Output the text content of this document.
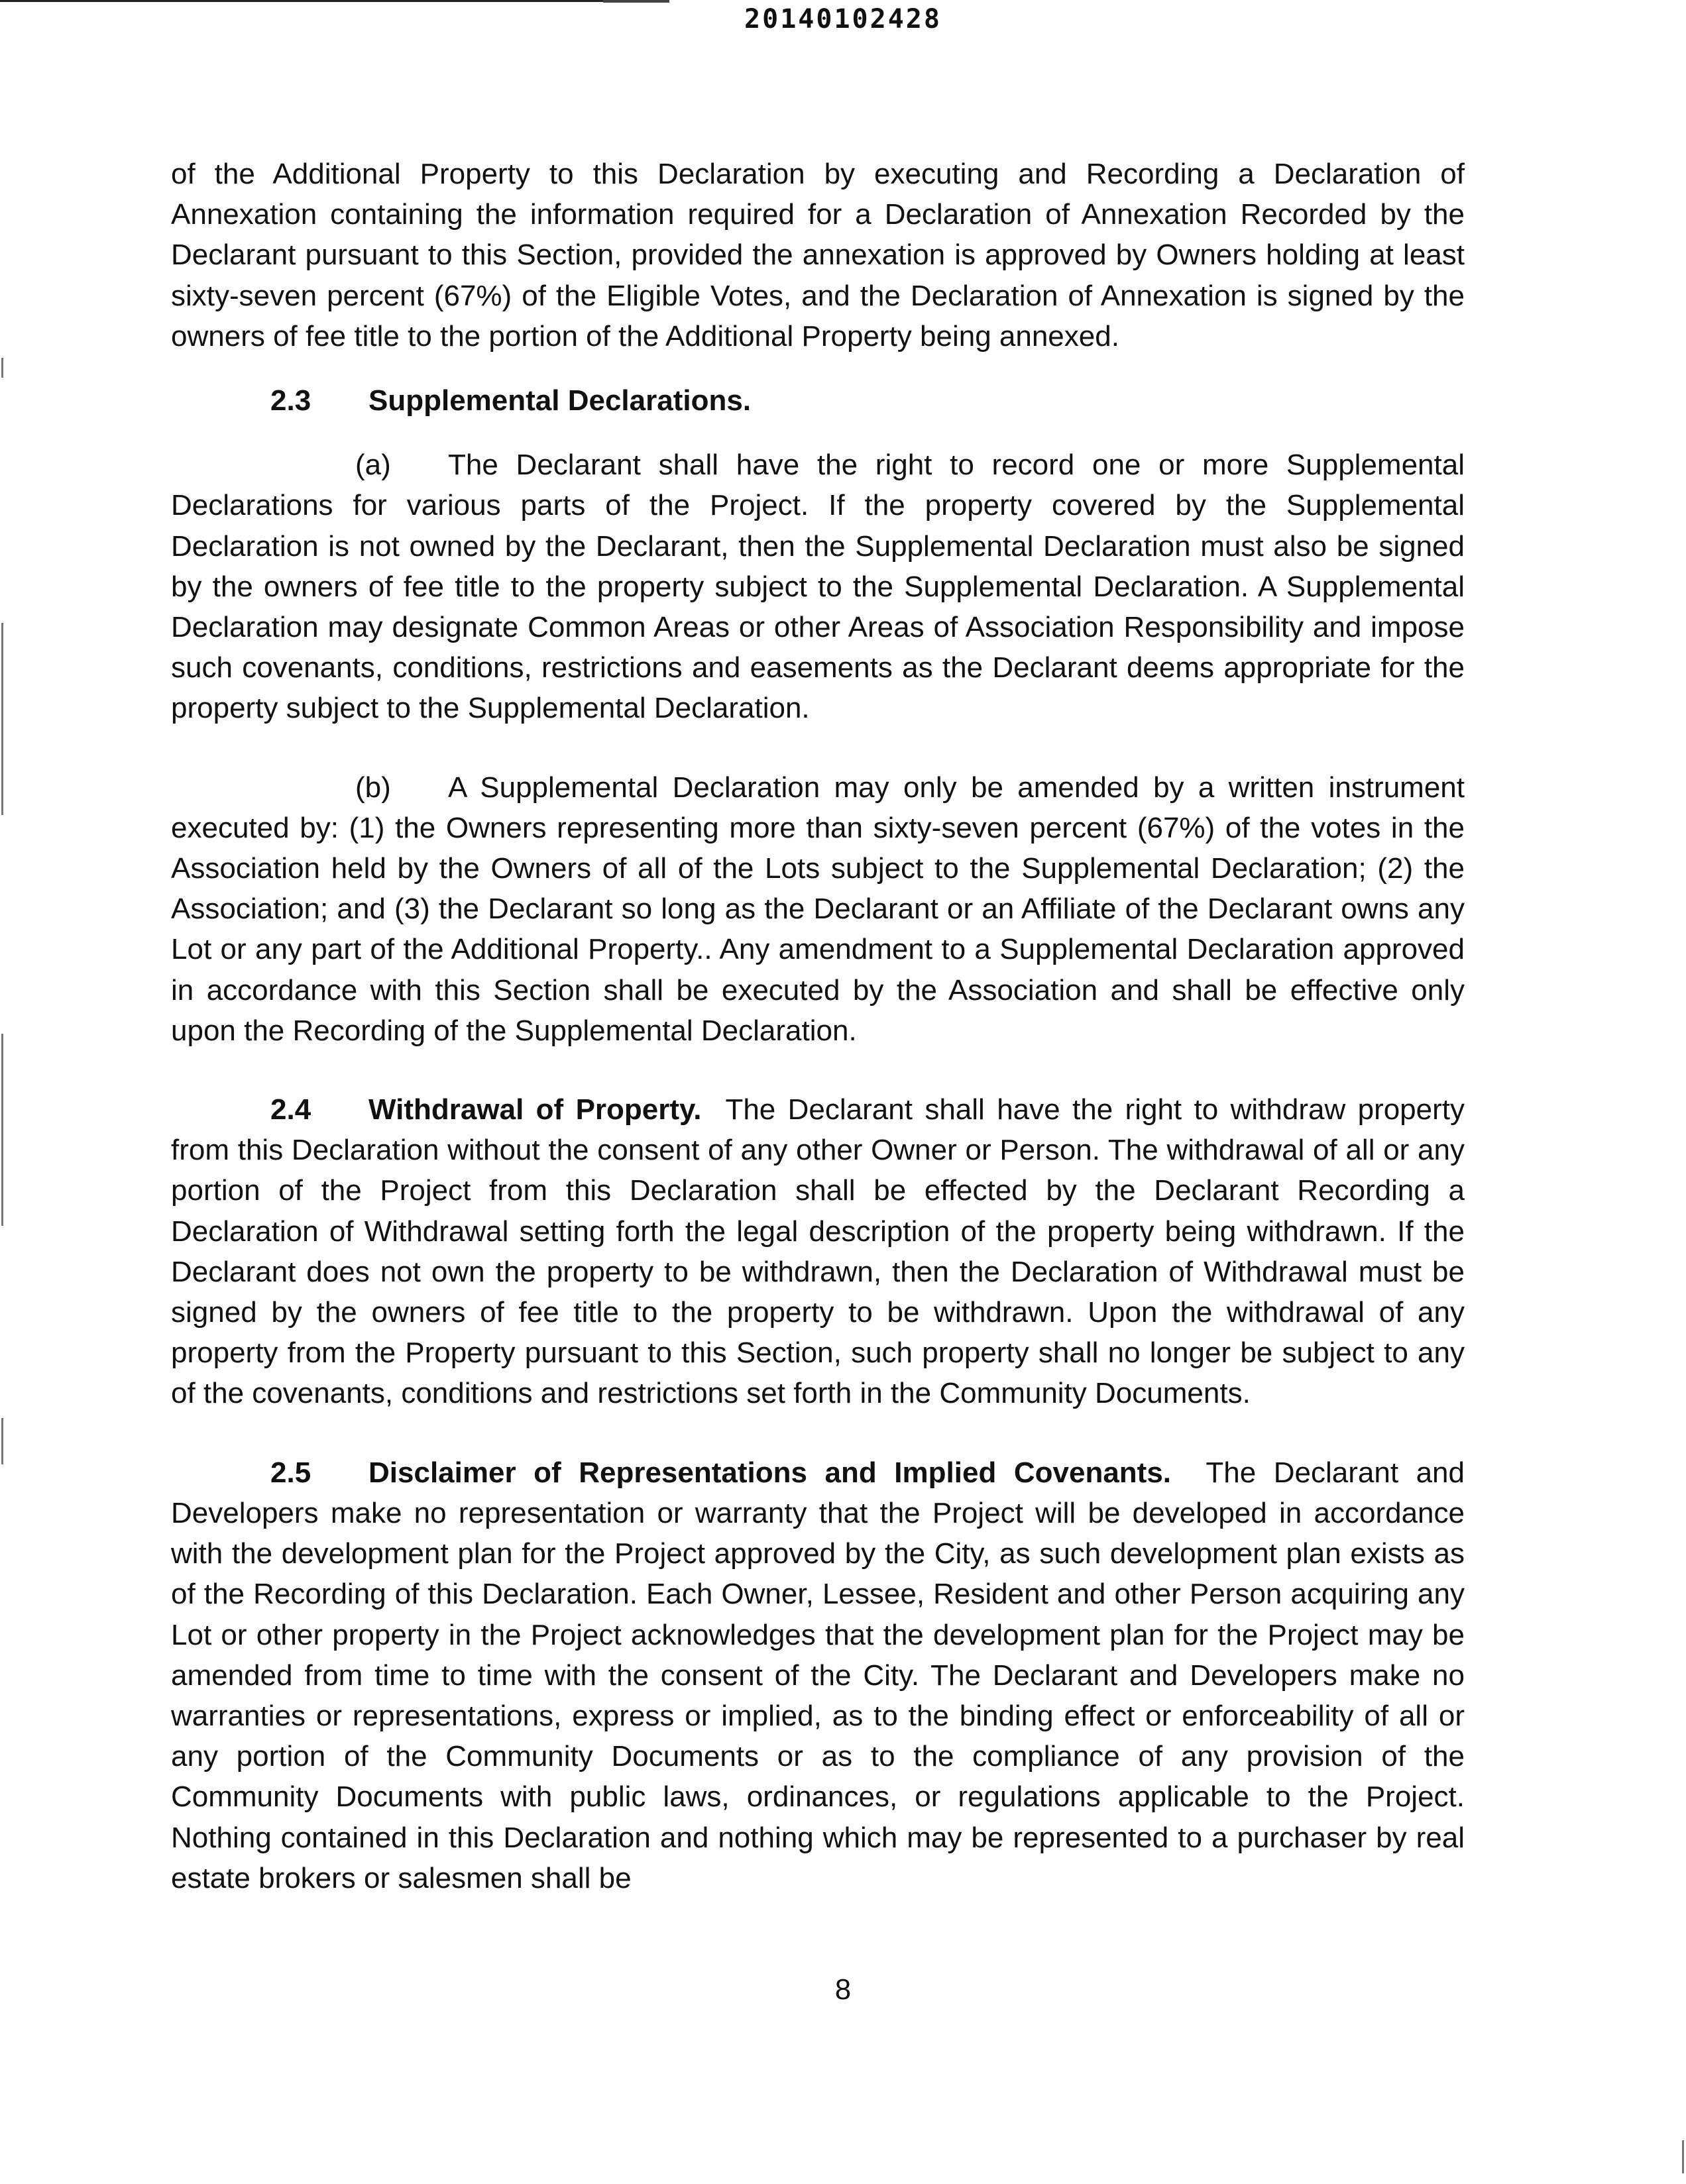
20140102428

of the Additional Property to this Declaration by executing and Recording a Declaration of Annexation containing the information required for a Declaration of Annexation Recorded by the Declarant pursuant to this Section, provided the annexation is approved by Owners holding at least sixty-seven percent (67%) of the Eligible Votes, and the Declaration of Annexation is signed by the owners of fee title to the portion of the Additional Property being annexed.

2.3 Supplemental Declarations.

(a) The Declarant shall have the right to record one or more Supplemental Declarations for various parts of the Project. If the property covered by the Supplemental Declaration is not owned by the Declarant, then the Supplemental Declaration must also be signed by the owners of fee title to the property subject to the Supplemental Declaration. A Supplemental Declaration may designate Common Areas or other Areas of Association Responsibility and impose such covenants, conditions, restrictions and easements as the Declarant deems appropriate for the property subject to the Supplemental Declaration.

(b) A Supplemental Declaration may only be amended by a written instrument executed by: (1) the Owners representing more than sixty-seven percent (67%) of the votes in the Association held by the Owners of all of the Lots subject to the Supplemental Declaration; (2) the Association; and (3) the Declarant so long as the Declarant or an Affiliate of the Declarant owns any Lot or any part of the Additional Property.. Any amendment to a Supplemental Declaration approved in accordance with this Section shall be executed by the Association and shall be effective only upon the Recording of the Supplemental Declaration.

2.4 Withdrawal of Property. The Declarant shall have the right to withdraw property from this Declaration without the consent of any other Owner or Person. The withdrawal of all or any portion of the Project from this Declaration shall be effected by the Declarant Recording a Declaration of Withdrawal setting forth the legal description of the property being withdrawn. If the Declarant does not own the property to be withdrawn, then the Declaration of Withdrawal must be signed by the owners of fee title to the property to be withdrawn. Upon the withdrawal of any property from the Property pursuant to this Section, such property shall no longer be subject to any of the covenants, conditions and restrictions set forth in the Community Documents.

2.5 Disclaimer of Representations and Implied Covenants. The Declarant and Developers make no representation or warranty that the Project will be developed in accordance with the development plan for the Project approved by the City, as such development plan exists as of the Recording of this Declaration. Each Owner, Lessee, Resident and other Person acquiring any Lot or other property in the Project acknowledges that the development plan for the Project may be amended from time to time with the consent of the City. The Declarant and Developers make no warranties or representations, express or implied, as to the binding effect or enforceability of all or any portion of the Community Documents or as to the compliance of any provision of the Community Documents with public laws, ordinances, or regulations applicable to the Project. Nothing contained in this Declaration and nothing which may be represented to a purchaser by real estate brokers or salesmen shall be

8
